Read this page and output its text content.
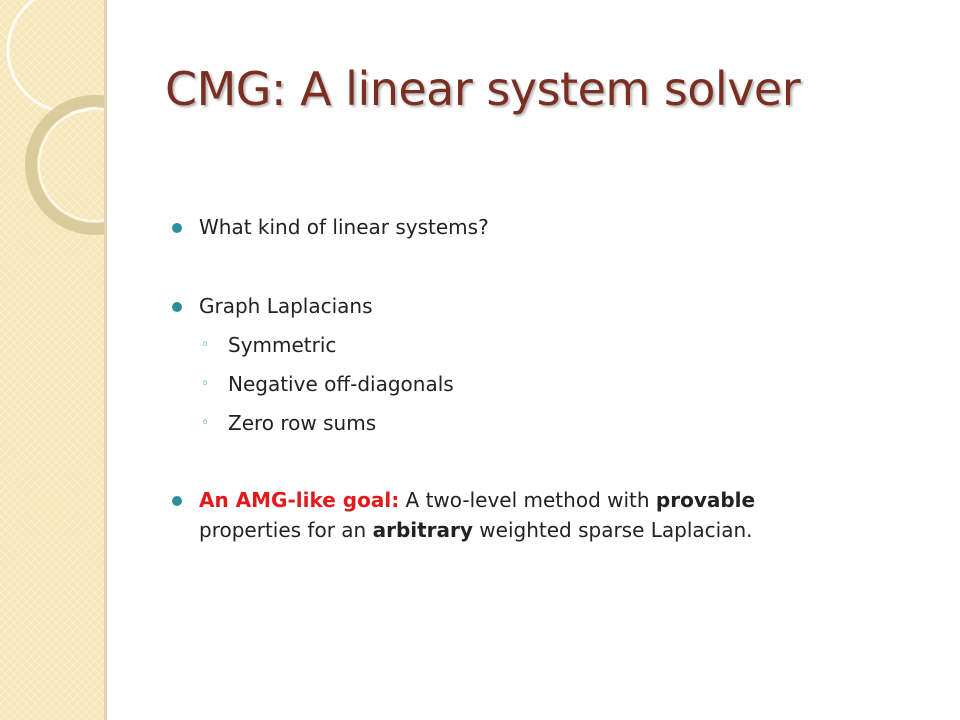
CMG: A linear system solver
What kind of linear systems?
Graph Laplacians
◦ Symmetric
◦ Negative off-diagonals
◦ Zero row sums
An AMG-like goal: A two-level method with provable properties for an arbitrary weighted sparse Laplacian.
